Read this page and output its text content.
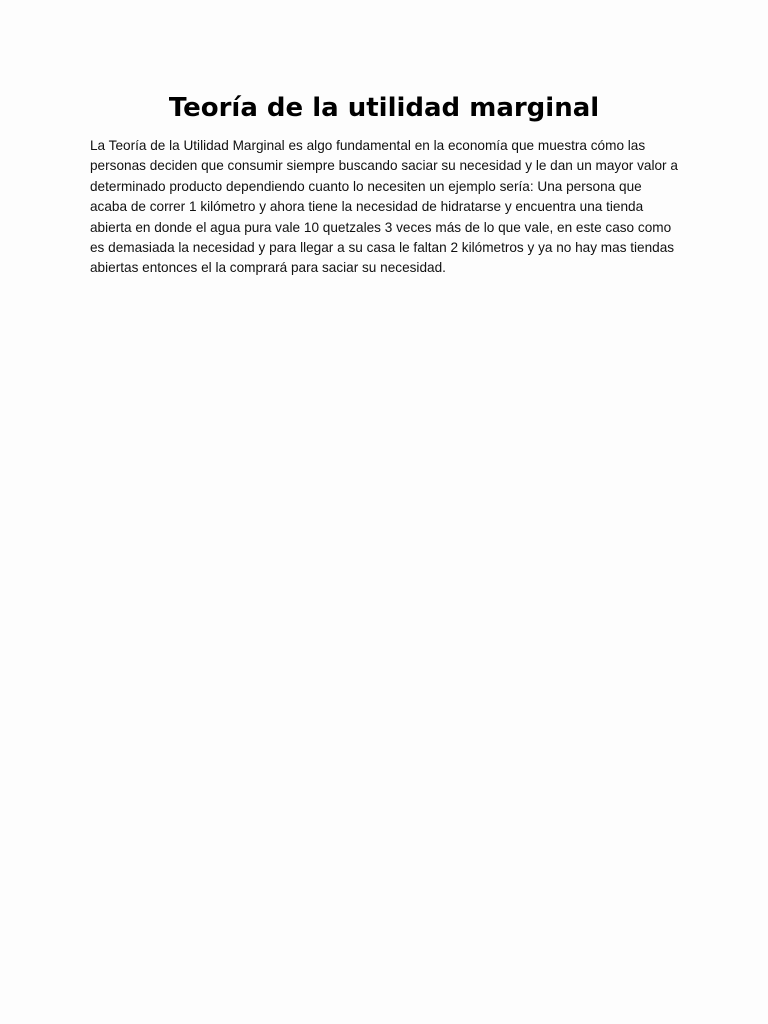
Teoría de la utilidad marginal

La Teoría de la Utilidad Marginal es algo fundamental en la economía que muestra cómo las personas deciden que consumir siempre buscando saciar su necesidad y le dan un mayor valor a determinado producto dependiendo cuanto lo necesiten un ejemplo sería: Una persona que acaba de correr 1 kilómetro y ahora tiene la necesidad de hidratarse y encuentra una tienda abierta en donde el agua pura vale 10 quetzales 3 veces más de lo que vale, en este caso como es demasiada la necesidad y para llegar a su casa le faltan 2 kilómetros y ya no hay mas tiendas abiertas entonces el la comprará para saciar su necesidad.
